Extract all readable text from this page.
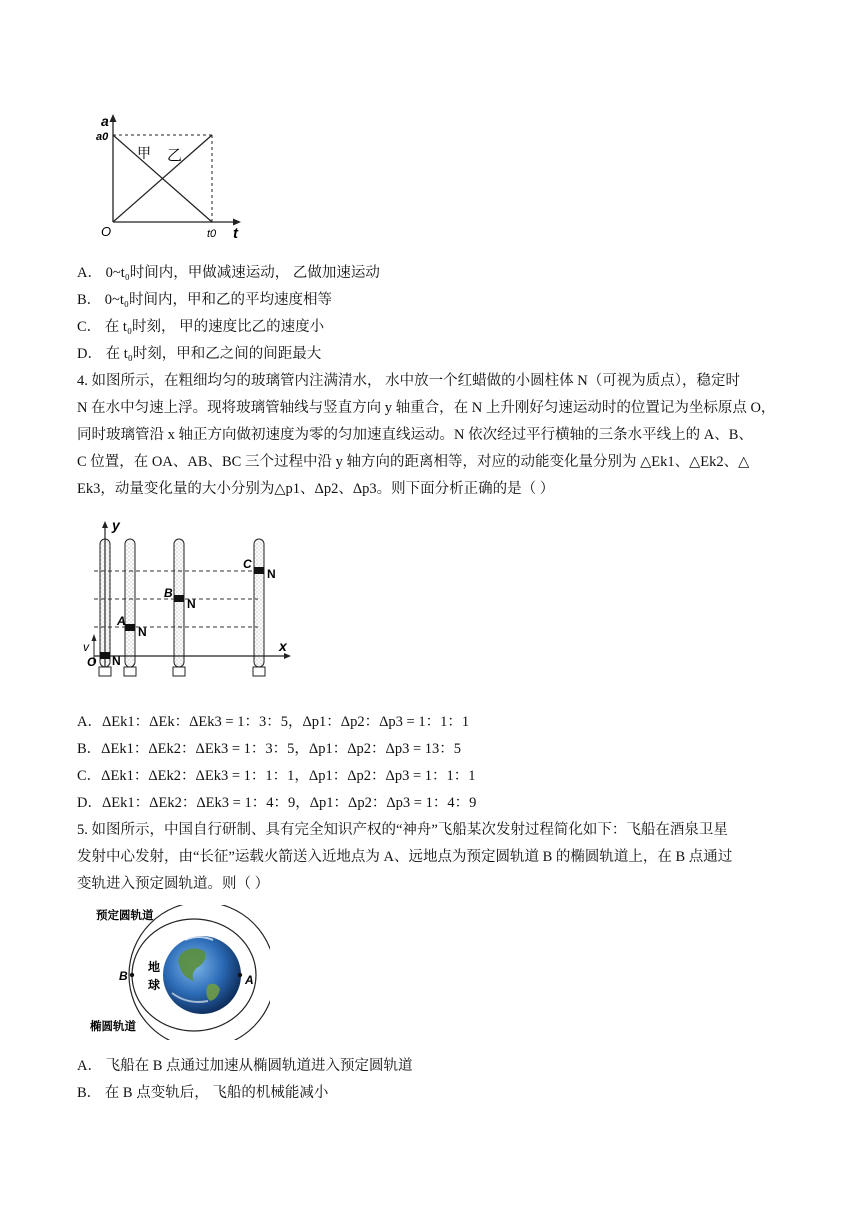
a
a0
甲 乙
O	t0 t
A． 0~t₀时间内，甲做减速运动， 乙做加速运动
B． 0~t₀时间内，甲和乙的平均速度相等
C． 在 t₀时刻， 甲的速度比乙的速度小
D． 在 t₀时刻，甲和乙之间的间距最大
4. 如图所示，在粗细均匀的玻璃管内注满清水， 水中放一个红蜡做的小圆柱体 N（可视为质点），稳定时
N 在水中匀速上浮。现将玻璃管轴线与竖直方向 y 轴重合，在 N 上升刚好匀速运动时的位置记为坐标原点 O，
同时玻璃管沿 x 轴正方向做初速度为零的匀加速直线运动。N 依次经过平行横轴的三条水平线上的 A、B、
C 位置，在 OA、AB、BC 三个过程中沿 y 轴方向的距离相等，对应的动能变化量分别为 △Ek1、△Ek2、△
Ek3，动量变化量的大小分别为△p1、Δp2、Δp3。则下面分析正确的是（ ）
y
x
v
O N
A
N
B
N
C
N
A．ΔEk1：ΔEk：ΔEk3 = 1：3：5，Δp1：Δp2：Δp3 = 1：1：1
B．ΔEk1：ΔEk2：ΔEk3 = 1：3：5，Δp1：Δp2：Δp3 = 13：5
C．ΔEk1：ΔEk2：ΔEk3 = 1：1：1，Δp1：Δp2：Δp3 = 1：1：1
D．ΔEk1：ΔEk2：ΔEk3 = 1：4：9，Δp1：Δp2：Δp3 = 1：4：9
5. 如图所示，中国自行研制、具有完全知识产权的“神舟”飞船某次发射过程简化如下：飞船在酒泉卫星
发射中心发射，由“长征”运载火箭送入近地点为 A、远地点为预定圆轨道 B 的椭圆轨道上，在 B 点通过
变轨进入预定圆轨道。则（ ）
预定圆轨道
椭圆轨道
地
球
B	A
A． 飞船在 B 点通过加速从椭圆轨道进入预定圆轨道
B． 在 B 点变轨后， 飞船的机械能减小
